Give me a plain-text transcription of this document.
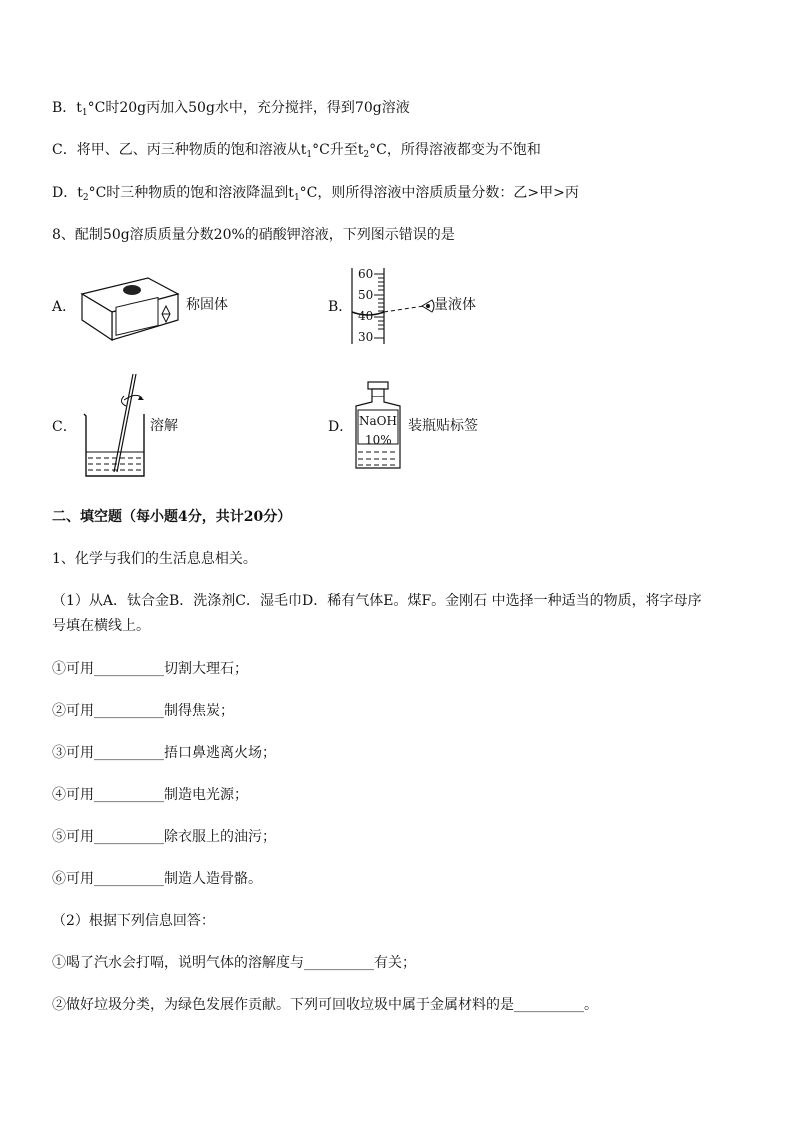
B．$t_1^\circ C$时20g丙加入50g水中，充分搅拌，得到70g溶液
C．将甲、乙、丙三种物质的饱和溶液从$t_1^\circ C$升至$t_2^\circ C$，所得溶液都变为不饱和
D．$t_2^\circ C$时三种物质的饱和溶液降温到$t_1^\circ C$，则所得溶液中溶质质量分数：乙>甲>丙
8、配制50g溶质质量分数20%的硝酸钾溶液，下列图示错误的是
A．	称固体	B．
60
50
40
30
量液体
C．	溶解	D． NaOH
10%
装瓶贴标签
二、填空题（每小题4分，共计20分）
1、化学与我们的生活息息相关。
（1）从A．钛合金B．洗涤剂C．湿毛巾D．稀有气体E。煤F。金刚石 中选择一种适当的物质，将字母序
号填在横线上。
①可用__________切割大理石；
②可用__________制得焦炭；
③可用__________捂口鼻逃离火场；
④可用__________制造电光源；
⑤可用__________除衣服上的油污；
⑥可用__________制造人造骨骼。
（2）根据下列信息回答：
①喝了汽水会打嗝，说明气体的溶解度与__________有关；
②做好垃圾分类，为绿色发展作贡献。下列可回收垃圾中属于金属材料的是__________。
